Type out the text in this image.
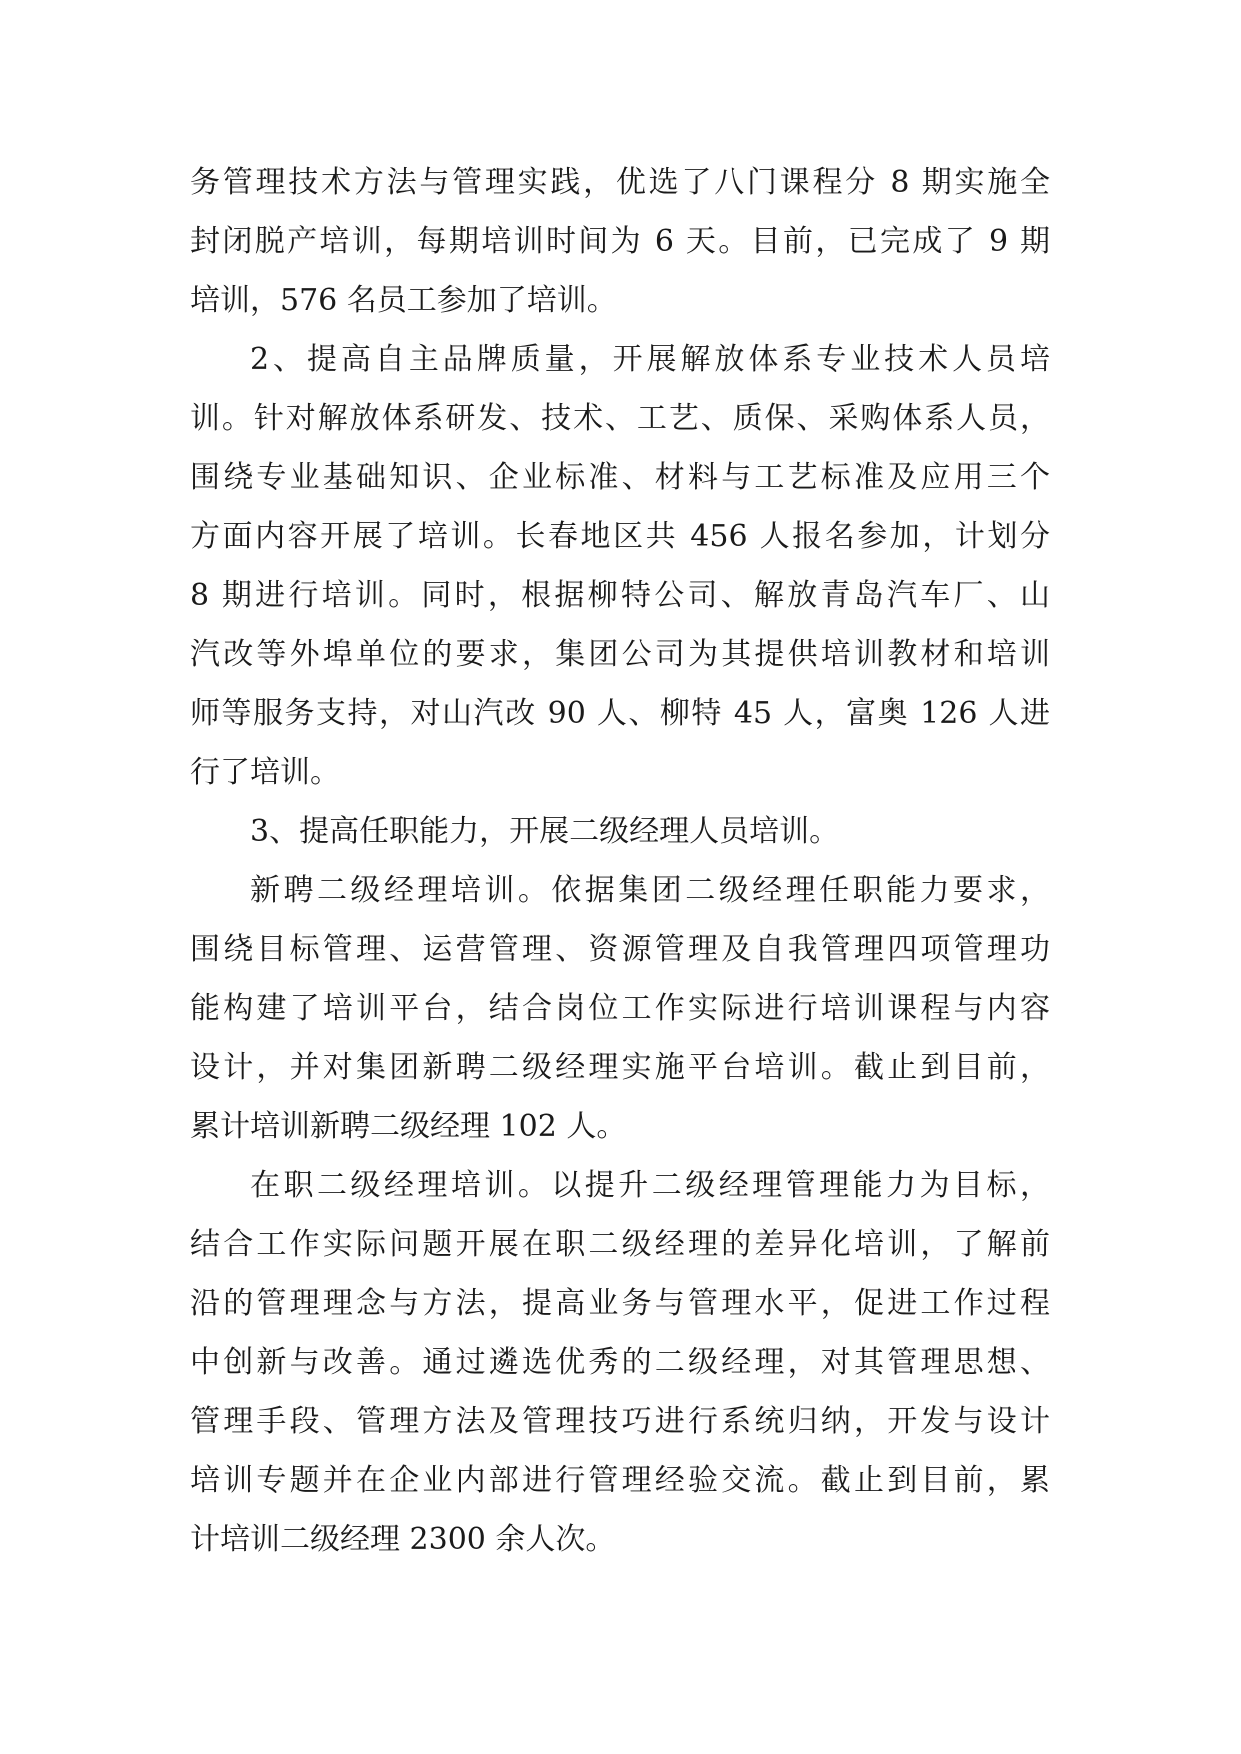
务管理技术方法与管理实践，优选了八门课程分 8 期实施全
封闭脱产培训，每期培训时间为 6 天。目前，已完成了 9 期
培训，576 名员工参加了培训。
2、提高自主品牌质量，开展解放体系专业技术人员培
训。针对解放体系研发、技术、工艺、质保、采购体系人员，
围绕专业基础知识、企业标准、材料与工艺标准及应用三个
方面内容开展了培训。长春地区共 456 人报名参加，计划分
8 期进行培训。同时，根据柳特公司、解放青岛汽车厂、山
汽改等外埠单位的要求，集团公司为其提供培训教材和培训
师等服务支持，对山汽改 90 人、柳特 45 人，富奥 126 人进
行了培训。
3、提高任职能力，开展二级经理人员培训。
新聘二级经理培训。依据集团二级经理任职能力要求，
围绕目标管理、运营管理、资源管理及自我管理四项管理功
能构建了培训平台，结合岗位工作实际进行培训课程与内容
设计，并对集团新聘二级经理实施平台培训。截止到目前，
累计培训新聘二级经理 102 人。
在职二级经理培训。以提升二级经理管理能力为目标，
结合工作实际问题开展在职二级经理的差异化培训，了解前
沿的管理理念与方法，提高业务与管理水平，促进工作过程
中创新与改善。通过遴选优秀的二级经理，对其管理思想、
管理手段、管理方法及管理技巧进行系统归纳，开发与设计
培训专题并在企业内部进行管理经验交流。截止到目前，累
计培训二级经理 2300 余人次。
